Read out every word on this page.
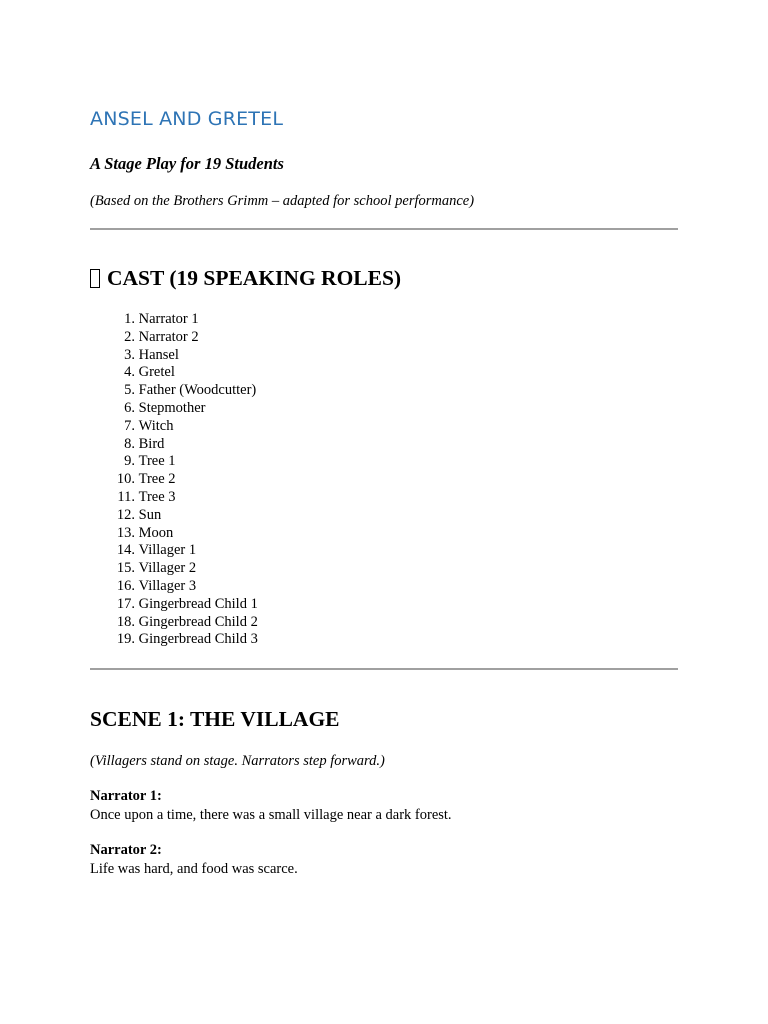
ANSEL AND GRETEL

A Stage Play for 19 Students

(Based on the Brothers Grimm – adapted for school performance)

CAST (19 SPEAKING ROLES)
1. Narrator 1
2. Narrator 2
3. Hansel
4. Gretel
5. Father (Woodcutter)
6. Stepmother
7. Witch
8. Bird
9. Tree 1
10. Tree 2
11. Tree 3
12. Sun
13. Moon
14. Villager 1
15. Villager 2
16. Villager 3
17. Gingerbread Child 1
18. Gingerbread Child 2
19. Gingerbread Child 3
SCENE 1: THE VILLAGE

(Villagers stand on stage. Narrators step forward.)

Narrator 1:

Once upon a time, there was a small village near a dark forest.

Narrator 2:

Life was hard, and food was scarce.
